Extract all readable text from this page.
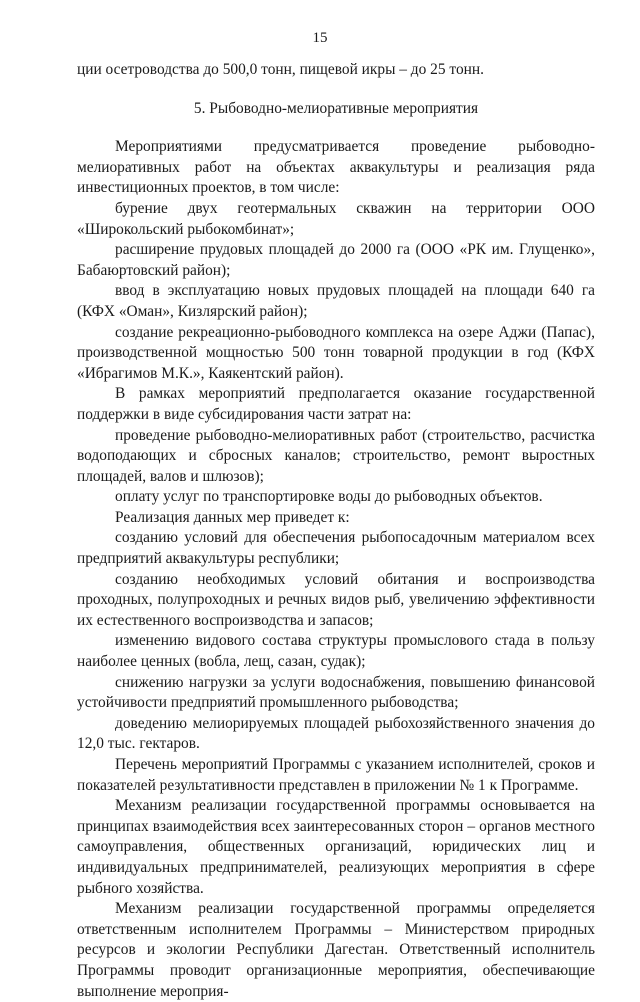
15

ции осетроводства до 500,0 тонн, пищевой икры – до 25 тонн.

5. Рыбоводно-мелиоративные мероприятия

Мероприятиями предусматривается проведение рыбоводно-мелиоративных работ на объектах аквакультуры и реализация ряда инвестиционных проектов, в том числе:

бурение двух геотермальных скважин на территории ООО «Широкольский рыбокомбинат»;

расширение прудовых площадей до 2000 га (ООО «РК им. Глущенко», Бабаюртовский район);

ввод в эксплуатацию новых прудовых площадей на площади 640 га (КФХ «Оман», Кизлярский район);

создание рекреационно-рыбоводного комплекса на озере Аджи (Папас), производственной мощностью 500 тонн товарной продукции в год (КФХ «Ибрагимов М.К.», Каякентский район).

В рамках мероприятий предполагается оказание государственной поддержки в виде субсидирования части затрат на:

проведение рыбоводно-мелиоративных работ (строительство, расчистка водоподающих и сбросных каналов; строительство, ремонт выростных площадей, валов и шлюзов);

оплату услуг по транспортировке воды до рыбоводных объектов.

Реализация данных мер приведет к:

созданию условий для обеспечения рыбопосадочным материалом всех предприятий аквакультуры республики;

созданию необходимых условий обитания и воспроизводства проходных, полупроходных и речных видов рыб, увеличению эффективности их естественного воспроизводства и запасов;

изменению видового состава структуры промыслового стада в пользу наиболее ценных (вобла, лещ, сазан, судак);

снижению нагрузки за услуги водоснабжения, повышению финансовой устойчивости предприятий промышленного рыбоводства;

доведению мелиорируемых площадей рыбохозяйственного значения до 12,0 тыс. гектаров.

Перечень мероприятий Программы с указанием исполнителей, сроков и показателей результативности представлен в приложении № 1 к Программе.

Механизм реализации государственной программы основывается на принципах взаимодействия всех заинтересованных сторон – органов местного самоуправления, общественных организаций, юридических лиц и индивидуальных предпринимателей, реализующих мероприятия в сфере рыбного хозяйства.

Механизм реализации государственной программы определяется ответственным исполнителем Программы – Министерством природных ресурсов и экологии Республики Дагестан. Ответственный исполнитель Программы проводит организационные мероприятия, обеспечивающие выполнение мероприя-
